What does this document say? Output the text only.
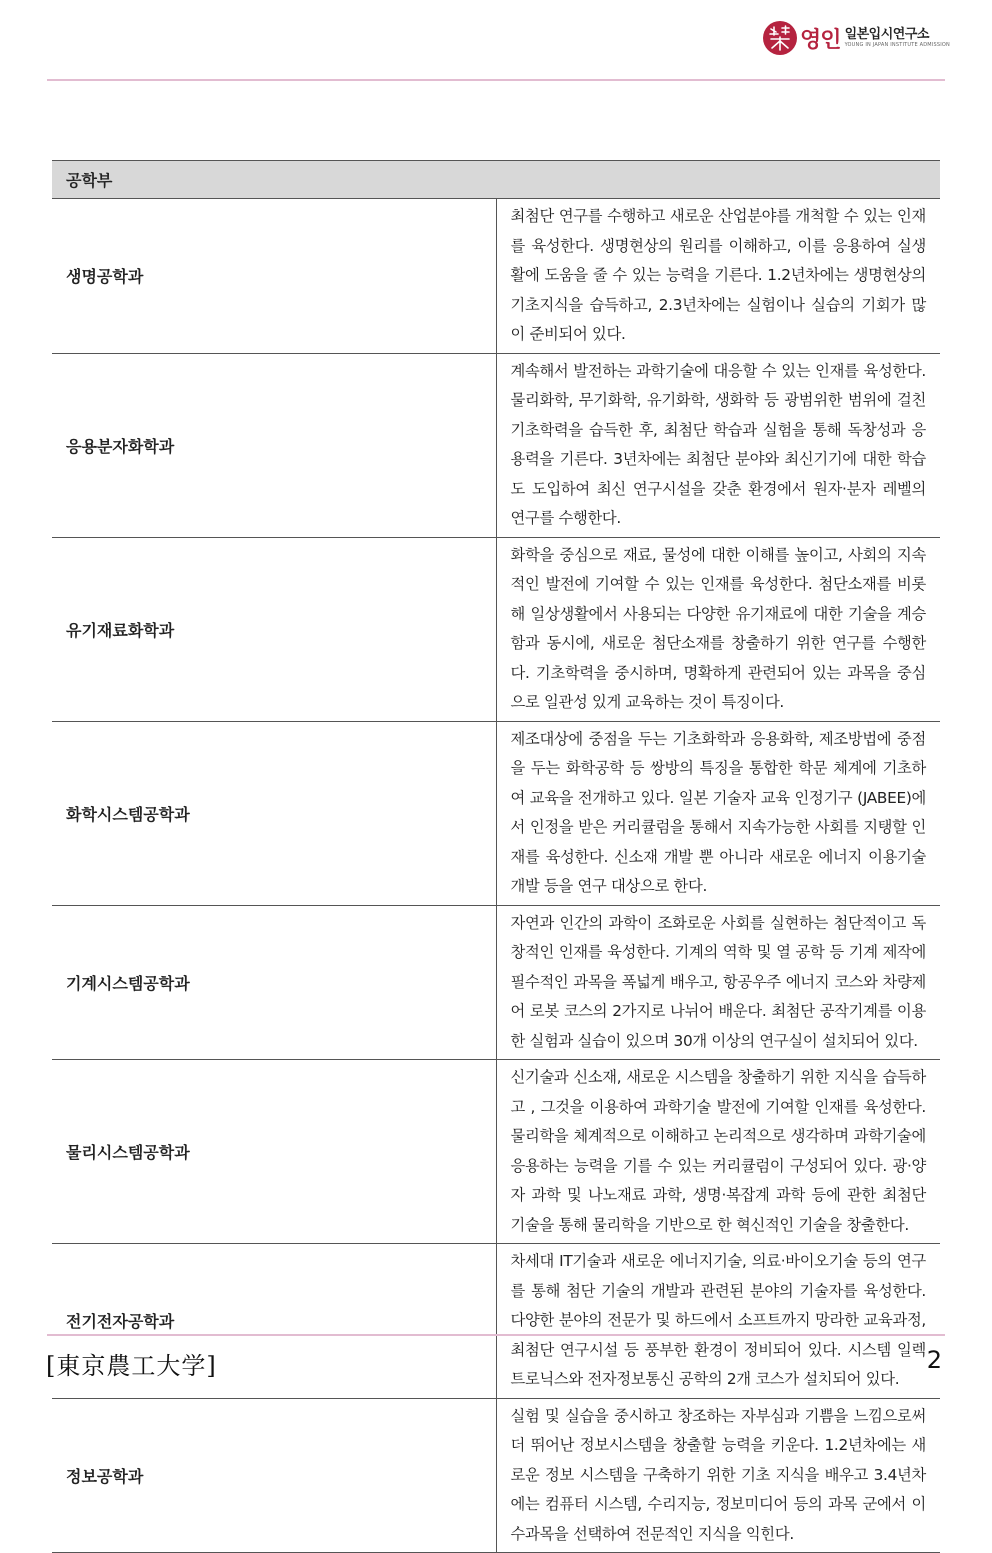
영인 일본입시연구소
YOUNG IN JAPAN INSTITUTE ADMISSION
공학부	
생명공학과	최첨단 연구를 수행하고 새로운 산업분야를 개척할 수 있는 인재를 육성한다. 생명현상의 원리를 이해하고, 이를 응용하여 실생활에 도움을 줄 수 있는 능력을 기른다. 1.2년차에는 생명현상의 기초지식을 습득하고, 2.3년차에는 실험이나 실습의 기회가 많이 준비되어 있다.
응용분자화학과	계속해서 발전하는 과학기술에 대응할 수 있는 인재를 육성한다. 물리화학, 무기화학, 유기화학, 생화학 등 광범위한 범위에 걸친 기초학력을 습득한 후, 최첨단 학습과 실험을 통해 독창성과 응용력을 기른다. 3년차에는 최첨단 분야와 최신기기에 대한 학습도 도입하여 최신 연구시설을 갖춘 환경에서 원자·분자 레벨의 연구를 수행한다.
유기재료화학과	화학을 중심으로 재료, 물성에 대한 이해를 높이고, 사회의 지속적인 발전에 기여할 수 있는 인재를 육성한다. 첨단소재를 비롯해 일상생활에서 사용되는 다양한 유기재료에 대한 기술을 계승함과 동시에, 새로운 첨단소재를 창출하기 위한 연구를 수행한다. 기초학력을 중시하며, 명확하게 관련되어 있는 과목을 중심으로 일관성 있게 교육하는 것이 특징이다.
화학시스템공학과	제조대상에 중점을 두는 기초화학과 응용화학, 제조방법에 중점을 두는 화학공학 등 쌍방의 특징을 통합한 학문 체계에 기초하여 교육을 전개하고 있다. 일본 기술자 교육 인정기구 (JABEE)에서 인정을 받은 커리큘럼을 통해서 지속가능한 사회를 지탱할 인재를 육성한다. 신소재 개발 뿐 아니라 새로운 에너지 이용기술 개발 등을 연구 대상으로 한다.
기계시스템공학과	자연과 인간의 과학이 조화로운 사회를 실현하는 첨단적이고 독창적인 인재를 육성한다. 기계의 역학 및 열 공학 등 기계 제작에 필수적인 과목을 폭넓게 배우고, 항공우주 에너지 코스와 차량제어 로봇 코스의 2가지로 나뉘어 배운다. 최첨단 공작기계를 이용한 실험과 실습이 있으며 30개 이상의 연구실이 설치되어 있다.
물리시스템공학과	신기술과 신소재, 새로운 시스템을 창출하기 위한 지식을 습득하고 , 그것을 이용하여 과학기술 발전에 기여할 인재를 육성한다. 물리학을 체계적으로 이해하고 논리적으로 생각하며 과학기술에 응용하는 능력을 기를 수 있는 커리큘럼이 구성되어 있다. 광·양자 과학 및 나노재료 과학, 생명·복잡계 과학 등에 관한 최첨단 기술을 통해 물리학을 기반으로 한 혁신적인 기술을 창출한다.
전기전자공학과	차세대 IT기술과 새로운 에너지기술, 의료·바이오기술 등의 연구를 통해 첨단 기술의 개발과 관련된 분야의 기술자를 육성한다. 다양한 분야의 전문가 및 하드에서 소프트까지 망라한 교육과정, 최첨단 연구시설 등 풍부한 환경이 정비되어 있다. 시스템 일렉트로닉스와 전자정보통신 공학의 2개 코스가 설치되어 있다.
정보공학과	실험 및 실습을 중시하고 창조하는 자부심과 기쁨을 느낌으로써 더 뛰어난 정보시스템을 창출할 능력을 키운다. 1.2년차에는 새로운 정보 시스템을 구축하기 위한 기초 지식을 배우고 3.4년차에는 컴퓨터 시스템, 수리지능, 정보미디어 등의 과목 군에서 이수과목을 선택하여 전문적인 지식을 익힌다.
[東京農工大学]	2
